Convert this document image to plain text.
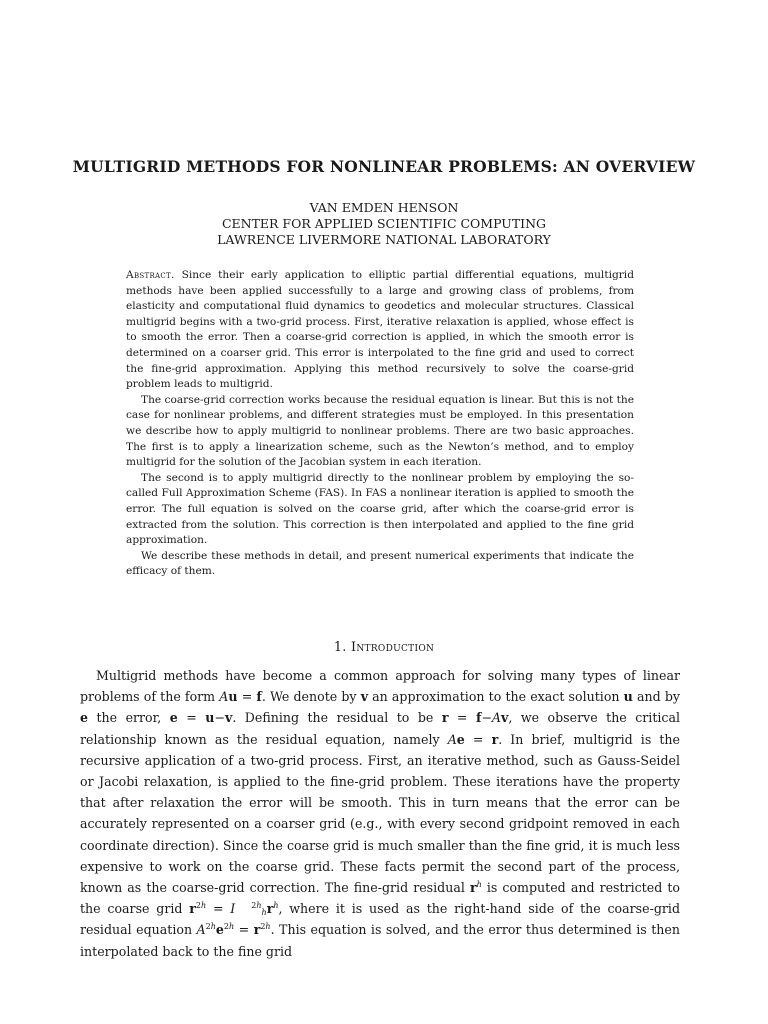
MULTIGRID METHODS FOR NONLINEAR PROBLEMS: AN OVERVIEW
VAN EMDEN HENSON
CENTER FOR APPLIED SCIENTIFIC COMPUTING
LAWRENCE LIVERMORE NATIONAL LABORATORY

Abstract. Since their early application to elliptic partial differential equations, multigrid methods have been applied successfully to a large and growing class of problems, from elasticity and computational fluid dynamics to geodetics and molecular structures. Classical multigrid begins with a two-grid process. First, iterative relaxation is applied, whose effect is to smooth the error. Then a coarse-grid correction is applied, in which the smooth error is determined on a coarser grid. This error is interpolated to the fine grid and used to correct the fine-grid approximation. Applying this method recursively to solve the coarse-grid problem leads to multigrid.

The coarse-grid correction works because the residual equation is linear. But this is not the case for nonlinear problems, and different strategies must be employed. In this presentation we describe how to apply multigrid to nonlinear problems. There are two basic approaches. The first is to apply a linearization scheme, such as the Newton’s method, and to employ multigrid for the solution of the Jacobian system in each iteration.

The second is to apply multigrid directly to the nonlinear problem by employing the so-called Full Approximation Scheme (FAS). In FAS a nonlinear iteration is applied to smooth the error. The full equation is solved on the coarse grid, after which the coarse-grid error is extracted from the solution. This correction is then interpolated and applied to the fine grid approximation.

We describe these methods in detail, and present numerical experiments that indicate the efficacy of them.

1. Introduction

Multigrid methods have become a common approach for solving many types of linear problems of the form Au = f. We denote by v an approximation to the exact solution u and by e the error, e = u−v. Defining the residual to be r = f−Av, we observe the critical relationship known as the residual equation, namely Ae = r. In brief, multigrid is the recursive application of a two-grid process. First, an iterative method, such as Gauss-Seidel or Jacobi relaxation, is applied to the fine-grid problem. These iterations have the property that after relaxation the error will be smooth. This in turn means that the error can be accurately represented on a coarser grid (e.g., with every second gridpoint removed in each coordinate direction). Since the coarse grid is much smaller than the fine grid, it is much less expensive to work on the coarse grid. These facts permit the second part of the process, known as the coarse-grid correction. The fine-grid residual $r^h$ is computed and restricted to the coarse grid $r^{2h} = I$ $^{2h}_hr^h$, where it is used as the right-hand side of the coarse-grid residual equation $A^{2h}e^{2h} = r^{2h}$. This equation is solved, and the error thus determined is then interpolated back to the fine grid
